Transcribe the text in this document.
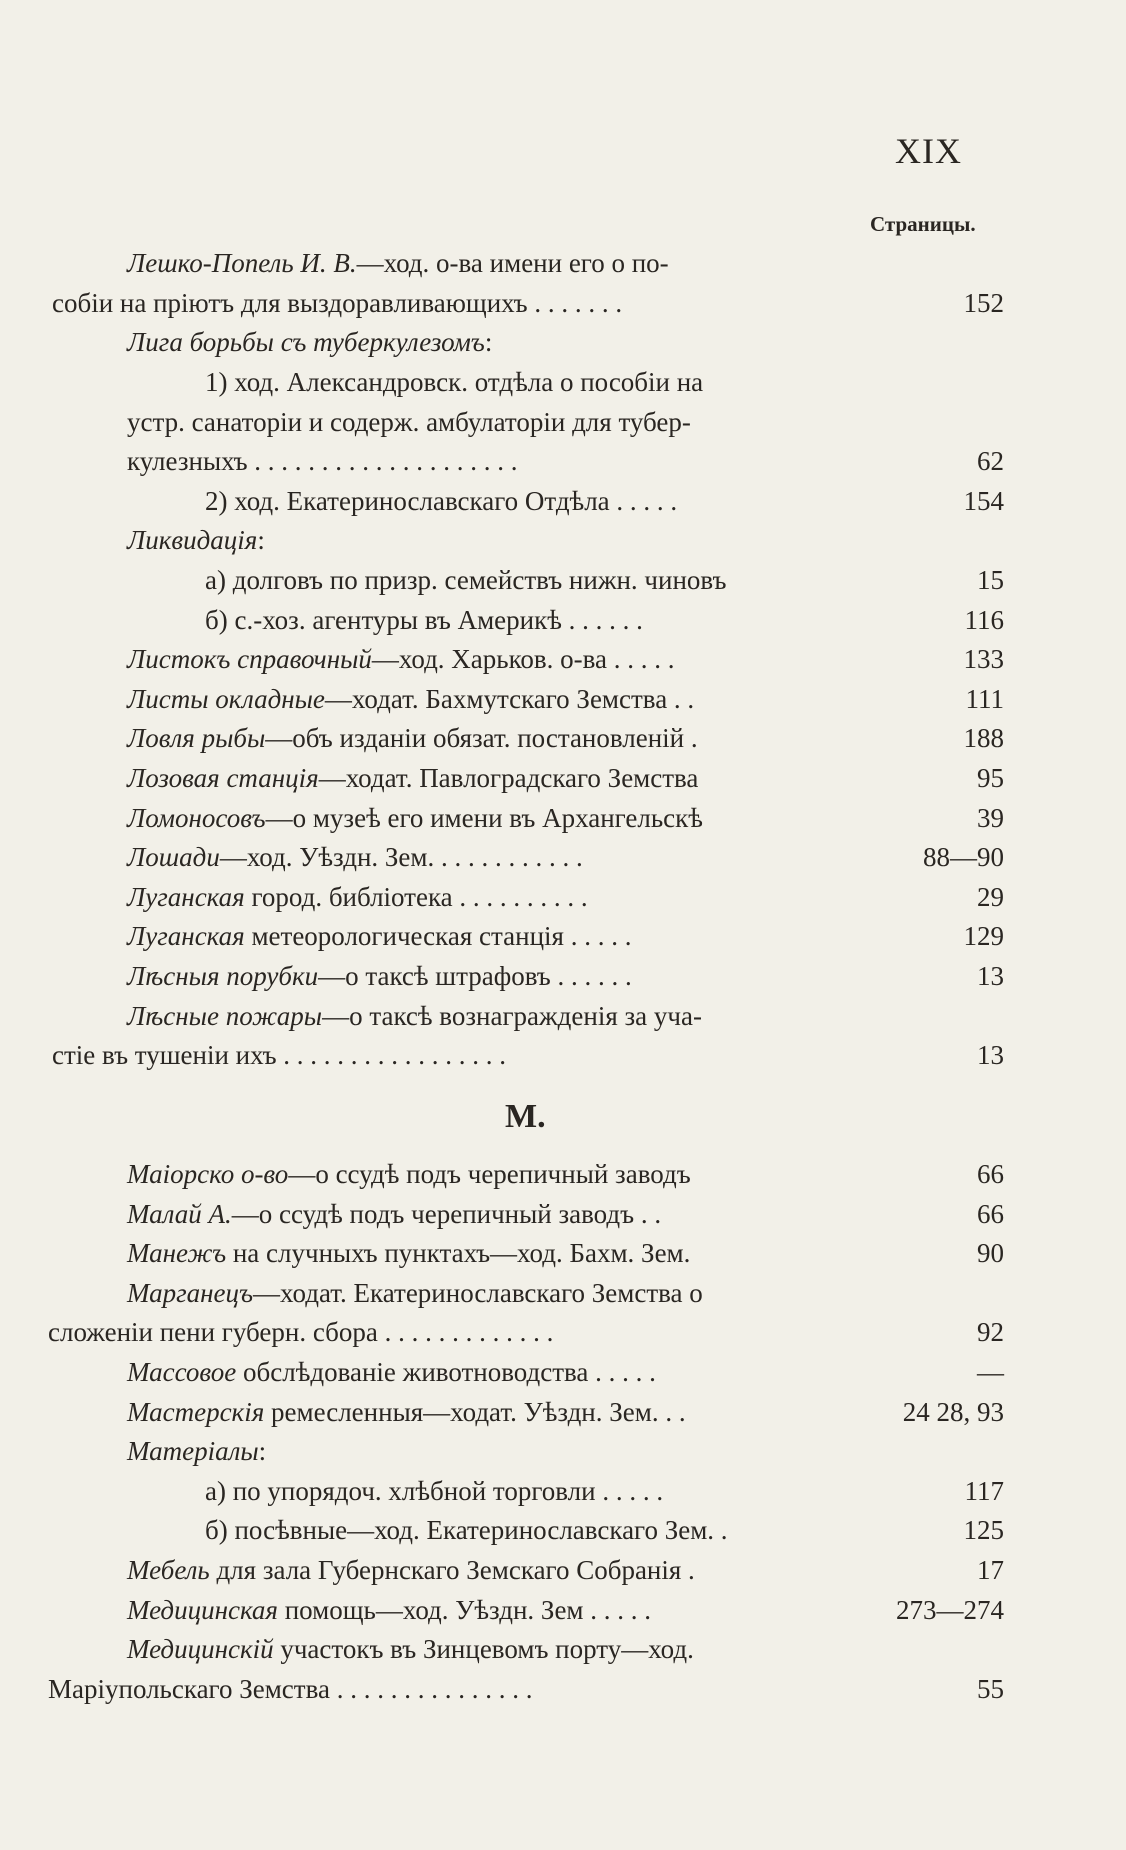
XIX
Страницы.
Лешко-Попель И. В.—ход. о-ва имени его о по-
собіи на пріютъ для выздоравливающихъ . . . . . . .	152
Лига борьбы съ туберкулезомъ:
1) ход. Александровск. отдѣла о пособіи на
устр. санаторіи и содерж. амбулаторіи для тубер-
кулезныхъ . . . . . . . . . . . . . . . . . . . .	62
2) ход. Екатеринославскаго Отдѣла . . . . .	154
Ликвидація:
а) долговъ по призр. семействъ нижн. чиновъ	15
б) с.-хоз. агентуры въ Америкѣ . . . . . .	116
Листокъ справочный—ход. Харьков. о-ва . . . . .	133
Листы окладные—ходат. Бахмутскаго Земства . .	111
Ловля рыбы—объ изданіи обязат. постановленій .	188
Лозовая станція—ходат. Павлоградскаго Земства	95
Ломоносовъ—о музеѣ его имени въ Архангельскѣ	39
Лошади—ход. Уѣздн. Зем. . . . . . . . . . . .	88—90
Луганская город. библіотека . . . . . . . . . .	29
Луганская метеорологическая станція . . . . .	129
Лѣсныя порубки—о таксѣ штрафовъ . . . . . .	13
Лѣсные пожары—о таксѣ вознагражденія за уча-
стіе въ тушеніи ихъ . . . . . . . . . . . . . . . . .	13
М.
Маіорско о-во—о ссудѣ подъ черепичный заводъ	66
Малай А.—о ссудѣ подъ черепичный заводъ . .	66
Манежъ на случныхъ пунктахъ—ход. Бахм. Зем.	90
Марганецъ—ходат. Екатеринославскаго Земства о
сложеніи пени губерн. сбора . . . . . . . . . . . . .	92
Массовое обслѣдованіе животноводства . . . . .	—
Мастерскія ремесленныя—ходат. Уѣздн. Зем. . .	24 28, 93
Матеріалы:
а) по упорядоч. хлѣбной торговли . . . . .	117
б) посѣвные—ход. Екатеринославскаго Зем. .	125
Мебель для зала Губернскаго Земскаго Собранія .	17
Медицинская помощь—ход. Уѣздн. Зем . . . . .	273—274
Медицинскій участокъ въ Зинцевомъ порту—ход.
Маріупольскаго Земства . . . . . . . . . . . . . . .	55
